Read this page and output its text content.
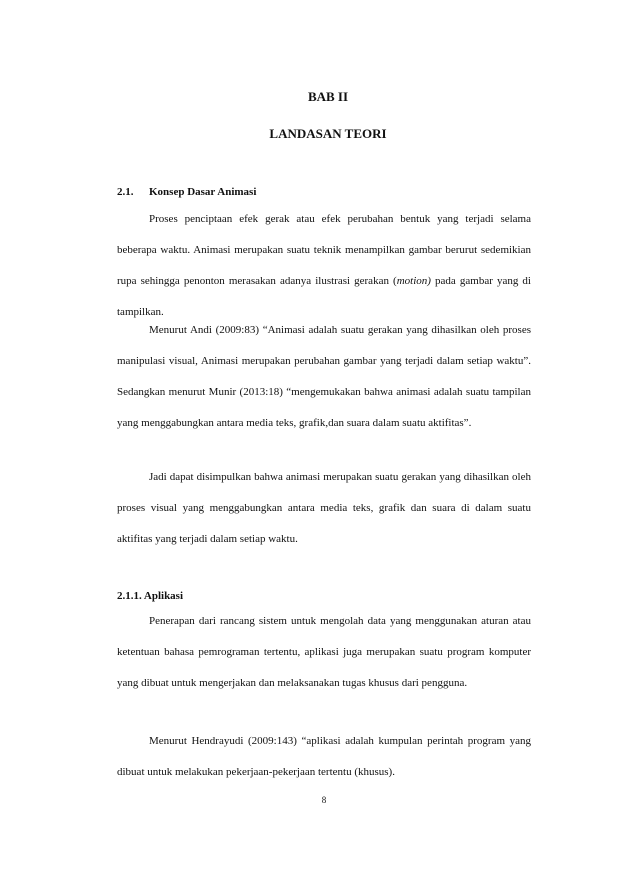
BAB II
LANDASAN TEORI
2.1. Konsep Dasar Animasi

Proses penciptaan efek gerak atau efek perubahan bentuk yang terjadi selama beberapa waktu. Animasi merupakan suatu teknik menampilkan gambar berurut sedemikian rupa sehingga penonton merasakan adanya ilustrasi gerakan (motion) pada gambar yang di tampilkan.

Menurut Andi (2009:83) “Animasi adalah suatu gerakan yang dihasilkan oleh proses manipulasi visual, Animasi merupakan perubahan gambar yang terjadi dalam setiap waktu”. Sedangkan menurut Munir (2013:18) “mengemukakan bahwa animasi adalah suatu tampilan yang menggabungkan antara media teks, grafik,dan suara dalam suatu aktifitas”.

Jadi dapat disimpulkan bahwa animasi merupakan suatu gerakan yang dihasilkan oleh proses visual yang menggabungkan antara media teks, grafik dan suara di dalam suatu aktifitas yang terjadi dalam setiap waktu.

2.1.1. Aplikasi

Penerapan dari rancang sistem untuk mengolah data yang menggunakan aturan atau ketentuan bahasa pemrograman tertentu, aplikasi juga merupakan suatu program komputer yang dibuat untuk mengerjakan dan melaksanakan tugas khusus dari pengguna.

Menurut Hendrayudi (2009:143) “aplikasi adalah kumpulan perintah program yang dibuat untuk melakukan pekerjaan-pekerjaan tertentu (khusus).

8
